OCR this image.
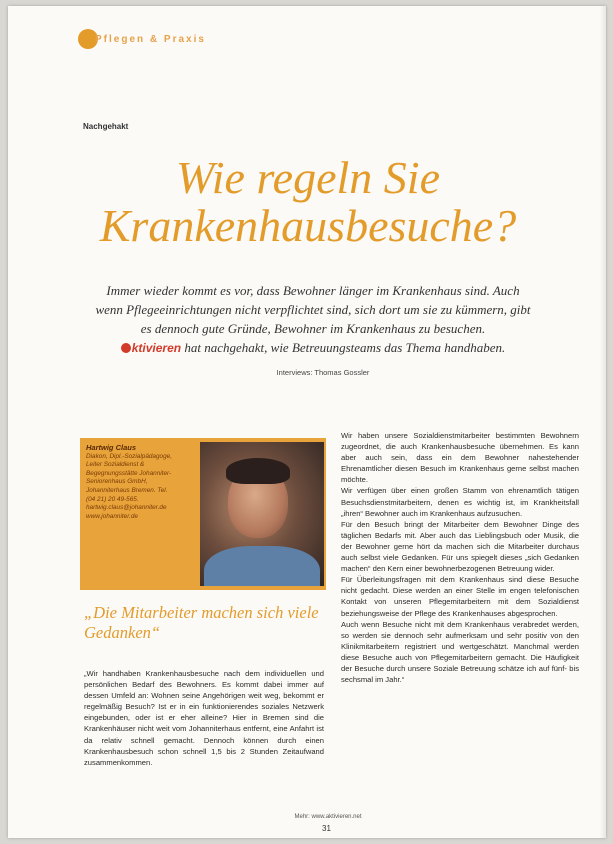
Pflegen & Praxis
Nachgehakt
Wie regeln Sie
Krankenhausbesuche?
Immer wieder kommt es vor, dass Bewohner länger im Krankenhaus sind. Auch wenn Pflegeeinrichtungen nicht verpflichtet sind, sich dort um sie zu kümmern, gibt es dennoch gute Gründe, Bewohner im Krankenhaus zu besuchen.
ktivieren hat nachgehakt, wie Betreuungsteams das Thema handhaben.
Interviews: Thomas Gossler
Hartwig Claus
Diakon, Dipl.-Sozialpädagoge, Leiter Sozialdienst & Begegnungsstätte Johanniter-Seniorenhaus GmbH, Johanniterhaus Bremen. Tel. (04 21) 20 49-565. hartwig.claus@johanniter.de www.johanniter.de
„Die Mitarbeiter machen sich viele Gedanken“

„Wir handhaben Krankenhausbesuche nach dem individuellen und persönlichen Bedarf des Bewohners. Es kommt dabei immer auf dessen Umfeld an: Wohnen seine Angehörigen weit weg, bekommt er regelmäßig Besuch? Ist er in ein funktionierendes soziales Netzwerk eingebunden, oder ist er eher alleine? Hier in Bremen sind die Krankenhäuser nicht weit vom Johanniterhaus entfernt, eine Anfahrt ist da relativ schnell gemacht. Dennoch können durch einen Krankenhausbesuch schon schnell 1,5 bis 2 Stunden Zeitaufwand zusammenkommen.

Wir haben unsere Sozialdienstmitarbeiter bestimmten Bewohnern zugeordnet, die auch Krankenhausbesuche übernehmen. Es kann aber auch sein, dass ein dem Bewohner nahestehender Ehrenamtlicher diesen Besuch im Krankenhaus gerne selbst machen möchte.

Wir verfügen über einen großen Stamm von ehrenamtlich tätigen Besuchsdienstmitarbeitern, denen es wichtig ist, im Krankheitsfall „ihren“ Bewohner auch im Krankenhaus aufzusuchen.

Für den Besuch bringt der Mitarbeiter dem Bewohner Dinge des täglichen Bedarfs mit. Aber auch das Lieblingsbuch oder Musik, die der Bewohner gerne hört da machen sich die Mitarbeiter durchaus auch selbst viele Gedanken. Für uns spiegelt dieses „sich Gedanken machen“ den Kern einer bewohnerbezogenen Betreuung wider.

Für Überleitungsfragen mit dem Krankenhaus sind diese Besuche nicht gedacht. Diese werden an einer Stelle im engen telefonischen Kontakt von unseren Pflegemitarbeitern mit dem Sozialdienst beziehungsweise der Pflege des Krankenhauses abgesprochen.

Auch wenn Besuche nicht mit dem Krankenhaus verabredet werden, so werden sie dennoch sehr aufmerksam und sehr positiv von den Klinikmitarbeitern registriert und wertgeschätzt. Manchmal werden diese Besuche auch von Pflegemitarbeitern gemacht. Die Häufigkeit der Besuche durch unsere Soziale Betreuung schätze ich auf fünf- bis sechsmal im Jahr.“

Mehr: www.aktivieren.net
31
